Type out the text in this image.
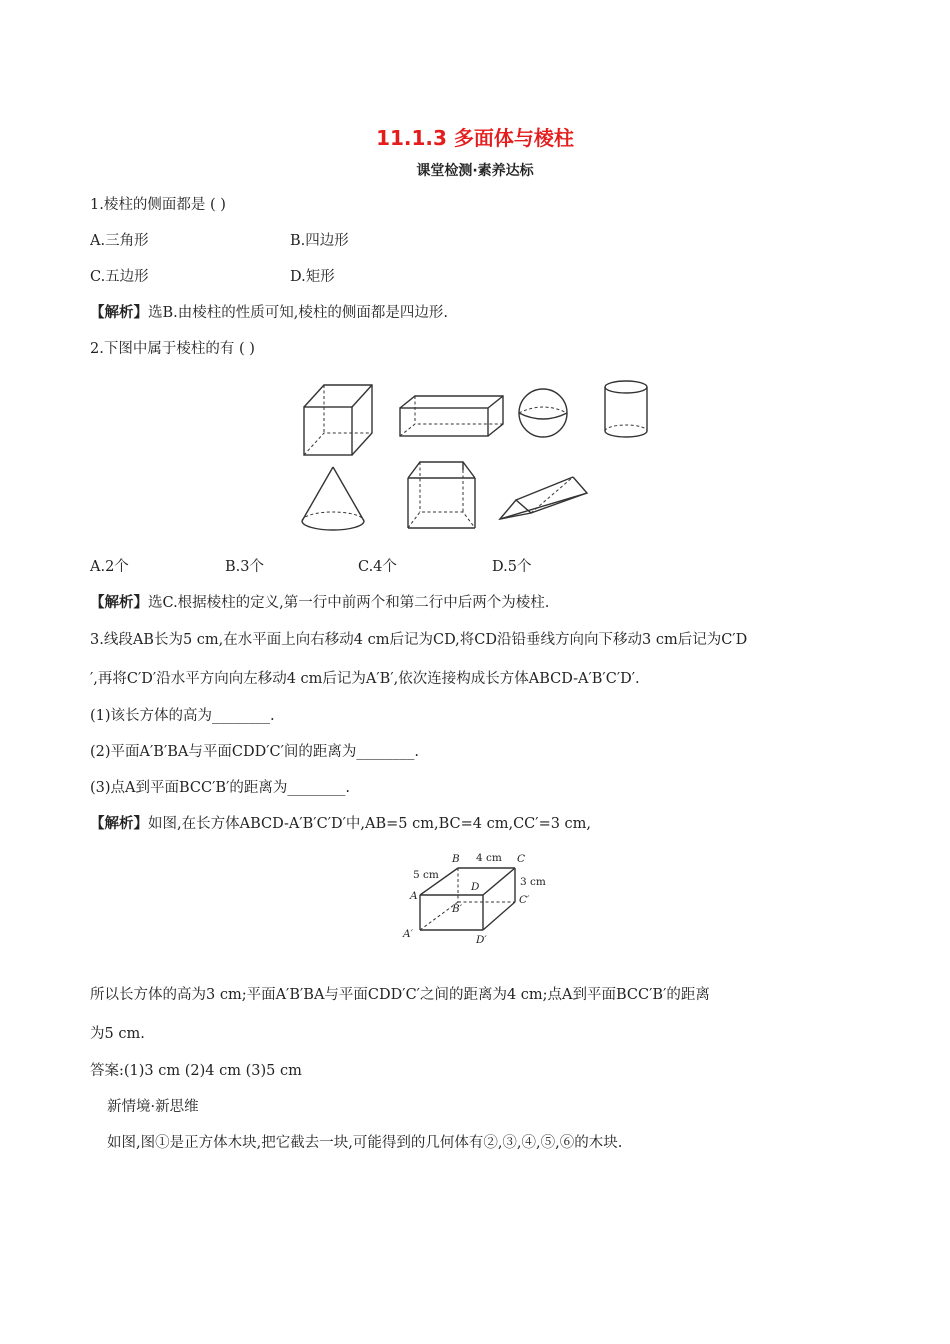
11.1.3 多面体与棱柱
课堂检测·素养达标
1.棱柱的侧面都是 ( )
A.三角形	B.四边形
C.五边形	D.矩形
【解析】选B.由棱柱的性质可知,棱柱的侧面都是四边形.
2.下图中属于棱柱的有 ( )
B 4 cm C
5 cm
D	3 cm
A
B′
C′
A′	D′
A.2个	B.3个	C.4个	D.5个
【解析】选C.根据棱柱的定义,第一行中前两个和第二行中后两个为棱柱.
3.线段AB长为5 cm,在水平面上向右移动4 cm后记为CD,将CD沿铅垂线方向向下移动3 cm后记为C′D
′,再将C′D′沿水平方向向左移动4 cm后记为A′B′,依次连接构成长方体ABCD-A′B′C′D′.
(1)该长方体的高为________.
(2)平面A′B′BA与平面CDD′C′间的距离为________.
(3)点A到平面BCC′B′的距离为________.
【解析】如图,在长方体ABCD-A′B′C′D′中,AB=5 cm,BC=4 cm,CC′=3 cm,
所以长方体的高为3 cm;平面A′B′BA与平面CDD′C′之间的距离为4 cm;点A到平面BCC′B′的距离
为5 cm.
答案:(1)3 cm (2)4 cm (3)5 cm
新情境·新思维
如图,图①是正方体木块,把它截去一块,可能得到的几何体有②,③,④,⑤,⑥的木块.
